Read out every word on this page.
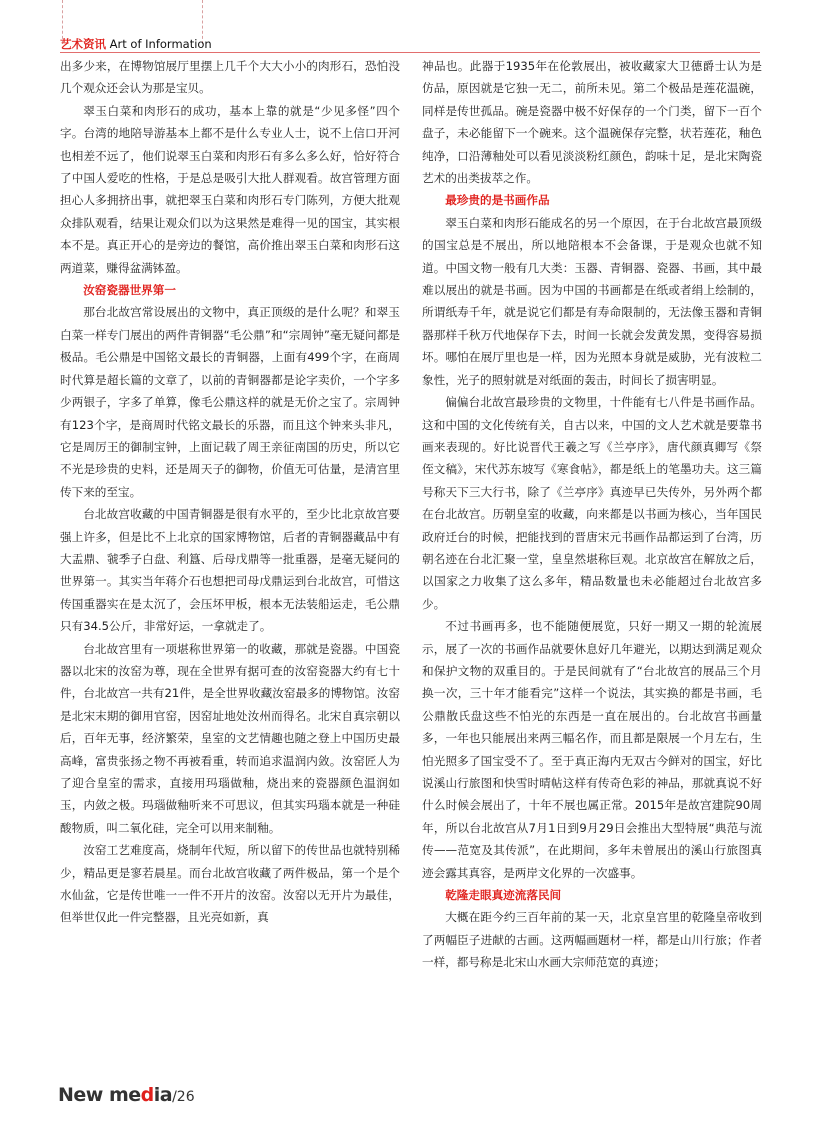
艺术资讯 Art of Information

出多少来，在博物馆展厅里摆上几千个大大小小的肉形石，恐怕没几个观众还会认为那是宝贝。

翠玉白菜和肉形石的成功，基本上靠的就是“少见多怪”四个字。台湾的地陪导游基本上都不是什么专业人士，说不上信口开河也相差不远了，他们说翠玉白菜和肉形石有多么多么好，恰好符合了中国人爱吃的性格，于是总是吸引大批人群观看。故宫管理方面担心人多拥挤出事，就把翠玉白菜和肉形石专门陈列，方便大批观众排队观看，结果让观众们以为这果然是难得一见的国宝，其实根本不是。真正开心的是旁边的餐馆，高价推出翠玉白菜和肉形石这两道菜，赚得盆满钵盈。

汝窑瓷器世界第一

那台北故宫常设展出的文物中，真正顶级的是什么呢？和翠玉白菜一样专门展出的两件青铜器“毛公鼎”和“宗周钟”毫无疑问都是极品。毛公鼎是中国铭文最长的青铜器，上面有499个字，在商周时代算是超长篇的文章了，以前的青铜器都是论字卖价，一个字多少两银子，字多了单算，像毛公鼎这样的就是无价之宝了。宗周钟有123个字，是商周时代铭文最长的乐器，而且这个钟来头非凡，它是周厉王的御制宝钟，上面记载了周王亲征南国的历史，所以它不光是珍贵的史料，还是周天子的御物，价值无可估量，是清宫里传下来的至宝。

台北故宫收藏的中国青铜器是很有水平的，至少比北京故宫要强上许多，但是比不上北京的国家博物馆，后者的青铜器藏品中有大盂鼎、虢季子白盘、利簋、后母戊鼎等一批重器，是毫无疑问的世界第一。其实当年蒋介石也想把司母戊鼎运到台北故宫，可惜这传国重器实在是太沉了，会压坏甲板，根本无法装船运走，毛公鼎只有34.5公斤，非常好运，一拿就走了。

台北故宫里有一项堪称世界第一的收藏，那就是瓷器。中国瓷器以北宋的汝窑为尊，现在全世界有据可查的汝窑瓷器大约有七十件，台北故宫一共有21件，是全世界收藏汝窑最多的博物馆。汝窑是北宋末期的御用官窑，因窑址地处汝州而得名。北宋自真宗朝以后，百年无事，经济繁荣，皇室的文艺情趣也随之登上中国历史最高峰，富贵张扬之物不再被看重，转而追求温润内敛。汝窑匠人为了迎合皇室的需求，直接用玛瑙做釉，烧出来的瓷器颜色温润如玉，内敛之极。玛瑙做釉听来不可思议，但其实玛瑙本就是一种硅酸物质，叫二氧化硅，完全可以用来制釉。

汝窑工艺难度高，烧制年代短，所以留下的传世品也就特别稀少，精品更是寥若晨星。而台北故宫收藏了两件极品，第一个是个水仙盆，它是传世唯一一件不开片的汝窑。汝窑以无开片为最佳，但举世仅此一件完整器，且光亮如新，真

神品也。此器于1935年在伦敦展出，被收藏家大卫德爵士认为是仿品，原因就是它独一无二，前所未见。第二个极品是莲花温碗，同样是传世孤品。碗是瓷器中极不好保存的一个门类，留下一百个盘子，未必能留下一个碗来。这个温碗保存完整，状若莲花，釉色纯净，口沿薄釉处可以看见淡淡粉红颜色，韵味十足，是北宋陶瓷艺术的出类拔萃之作。

最珍贵的是书画作品

翠玉白菜和肉形石能成名的另一个原因，在于台北故宫最顶级的国宝总是不展出，所以地陪根本不会备课，于是观众也就不知道。中国文物一般有几大类：玉器、青铜器、瓷器、书画，其中最难以展出的就是书画。因为中国的书画都是在纸或者绢上绘制的，所谓纸寿千年，就是说它们都是有寿命限制的，无法像玉器和青铜器那样千秋万代地保存下去，时间一长就会发黄发黑，变得容易损坏。哪怕在展厅里也是一样，因为光照本身就是威胁，光有波粒二象性，光子的照射就是对纸面的轰击，时间长了损害明显。

偏偏台北故宫最珍贵的文物里，十件能有七八件是书画作品。这和中国的文化传统有关，自古以来，中国的文人艺术就是要靠书画来表现的。好比说晋代王羲之写《兰亭序》，唐代颜真卿写《祭侄文稿》，宋代苏东坡写《寒食帖》，都是纸上的笔墨功夫。这三篇号称天下三大行书，除了《兰亭序》真迹早已失传外，另外两个都在台北故宫。历朝皇室的收藏，向来都是以书画为核心，当年国民政府迁台的时候，把能找到的晋唐宋元书画作品都运到了台湾，历朝名迹在台北汇聚一堂，皇皇然堪称巨观。北京故宫在解放之后，以国家之力收集了这么多年，精品数量也未必能超过台北故宫多少。

不过书画再多，也不能随便展览，只好一期又一期的轮流展示，展了一次的书画作品就要休息好几年避光，以期达到满足观众和保护文物的双重目的。于是民间就有了“台北故宫的展品三个月换一次，三十年才能看完”这样一个说法，其实换的都是书画，毛公鼎散氏盘这些不怕光的东西是一直在展出的。台北故宫书画量多，一年也只能展出来两三幅名作，而且都是限展一个月左右，生怕光照多了国宝受不了。至于真正海内无双古今鲜对的国宝，好比说溪山行旅图和快雪时晴帖这样有传奇色彩的神品，那就真说不好什么时候会展出了，十年不展也属正常。2015年是故宫建院90周年，所以台北故宫从7月1日到9月29日会推出大型特展“典范与流传——范宽及其传派”，在此期间，多年未曾展出的溪山行旅图真迹会露其真容，是两岸文化界的一次盛事。

乾隆走眼真迹流落民间

大概在距今约三百年前的某一天，北京皇宫里的乾隆皇帝收到了两幅臣子进献的古画。这两幅画题材一样，都是山川行旅；作者一样，都号称是北宋山水画大宗师范宽的真迹；

New media/26
